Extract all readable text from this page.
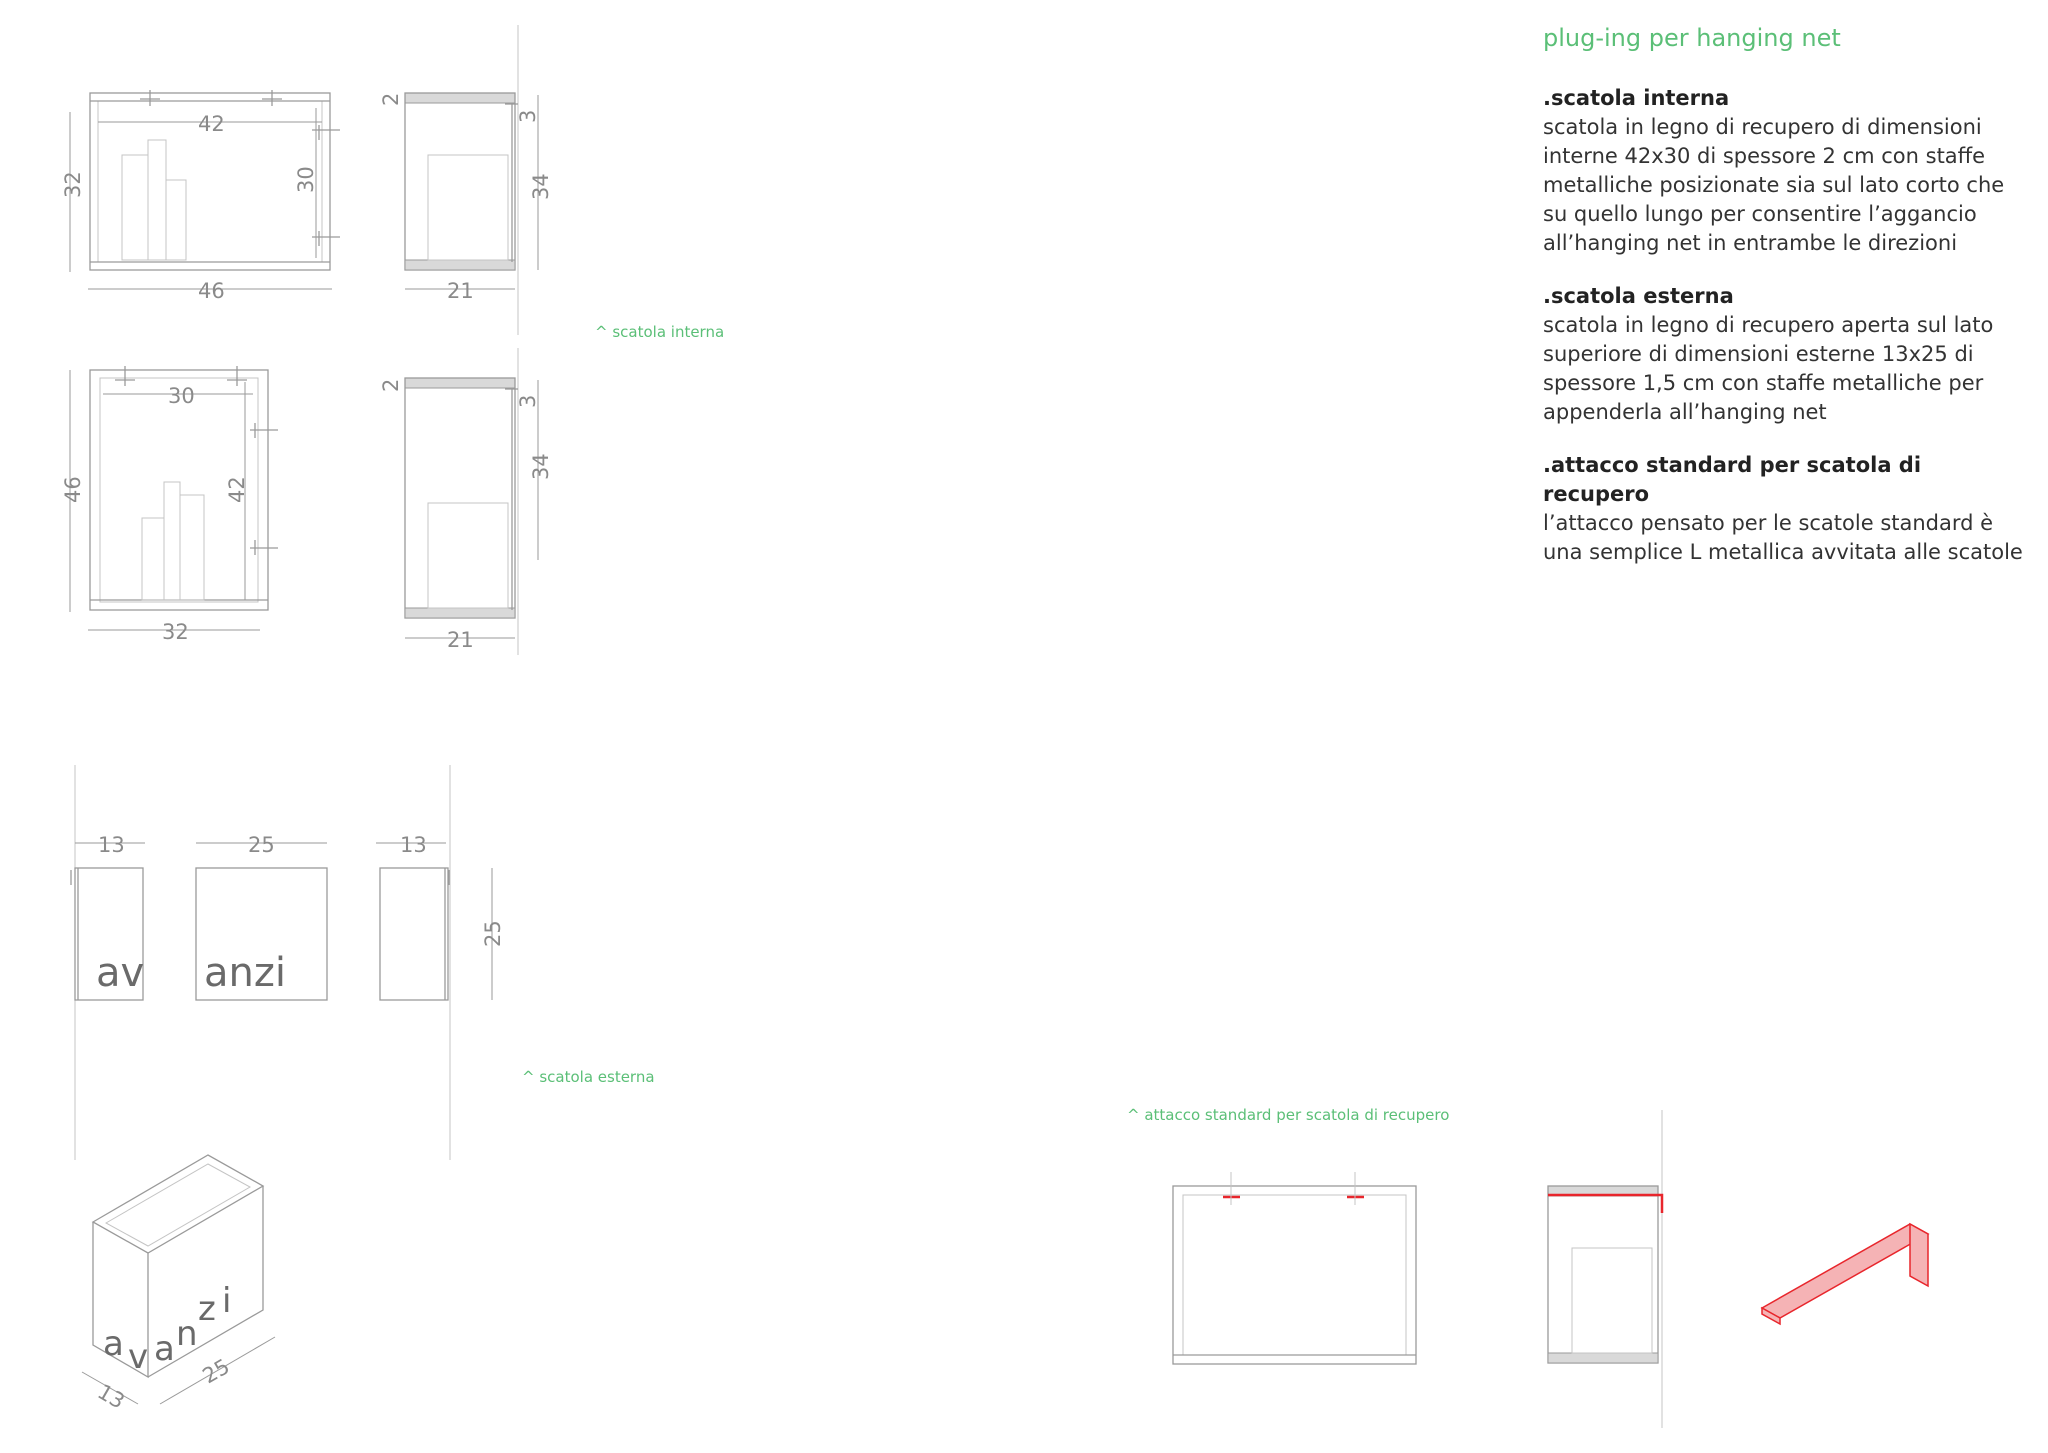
42
32	30
46
2
3
34
21
^ scatola interna
30
46	42
32
2
3
34
21
13
av
25
anzi
13
25
^ scatola esterna
a v a n
z i
13
25
^ attacco standard per scatola di recupero
plug-ing per hanging net
.scatola interna

scatola in legno di recupero di dimensioni interne 42x30 di spessore 2 cm con staffe metalliche posizionate sia sul lato corto che su quello lungo per consentire l’aggancio all’hanging net in entrambe le direzioni

.scatola esterna

scatola in legno di recupero aperta sul lato superiore di dimensioni esterne 13x25 di spessore 1,5 cm con staffe metalliche per appenderla all’hanging net

.attacco standard per scatola di recupero

l’attacco pensato per le scatole standard è una semplice L metallica avvitata alle scatole
